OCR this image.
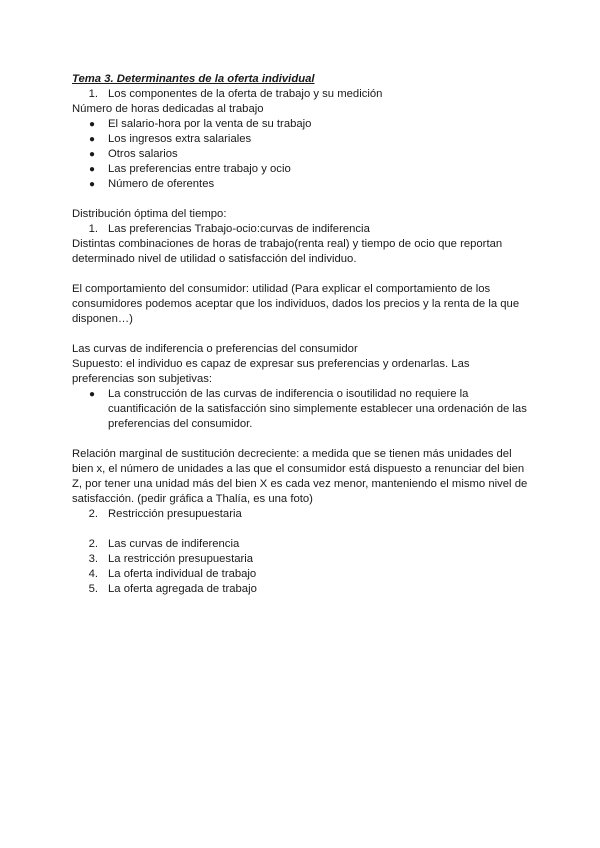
Tema 3. Determinantes de la oferta individual

1. Los componentes de la oferta de trabajo y su medición

Número de horas dedicadas al trabajo

●	El salario-hora por la venta de su trabajo
●	Los ingresos extra salariales
●	Otros salarios
●	Las preferencias entre trabajo y ocio
●	Número de oferentes

Distribución óptima del tiempo:

1. Las preferencias Trabajo-ocio:curvas de indiferencia

Distintas combinaciones de horas de trabajo(renta real) y tiempo de ocio que reportan determinado nivel de utilidad o satisfacción del individuo.

El comportamiento del consumidor: utilidad (Para explicar el comportamiento de los consumidores podemos aceptar que los individuos, dados los precios y la renta de la que disponen…)

Las curvas de indiferencia o preferencias del consumidor

Supuesto: el individuo es capaz de expresar sus preferencias y ordenarlas. Las preferencias son subjetivas:

●	La construcción de las curvas de indiferencia o isoutilidad no requiere la cuantificación de la satisfacción sino simplemente establecer una ordenación de las preferencias del consumidor.

Relación marginal de sustitución decreciente: a medida que se tienen más unidades del bien x, el número de unidades a las que el consumidor está dispuesto a renunciar del bien Z, por tener una unidad más del bien X es cada vez menor, manteniendo el mismo nivel de satisfacción. (pedir gráfica a Thalía, es una foto)

2. Restricción presupuestaria
2. Las curvas de indiferencia
3. La restricción presupuestaria
4. La oferta individual de trabajo
5. La oferta agregada de trabajo
